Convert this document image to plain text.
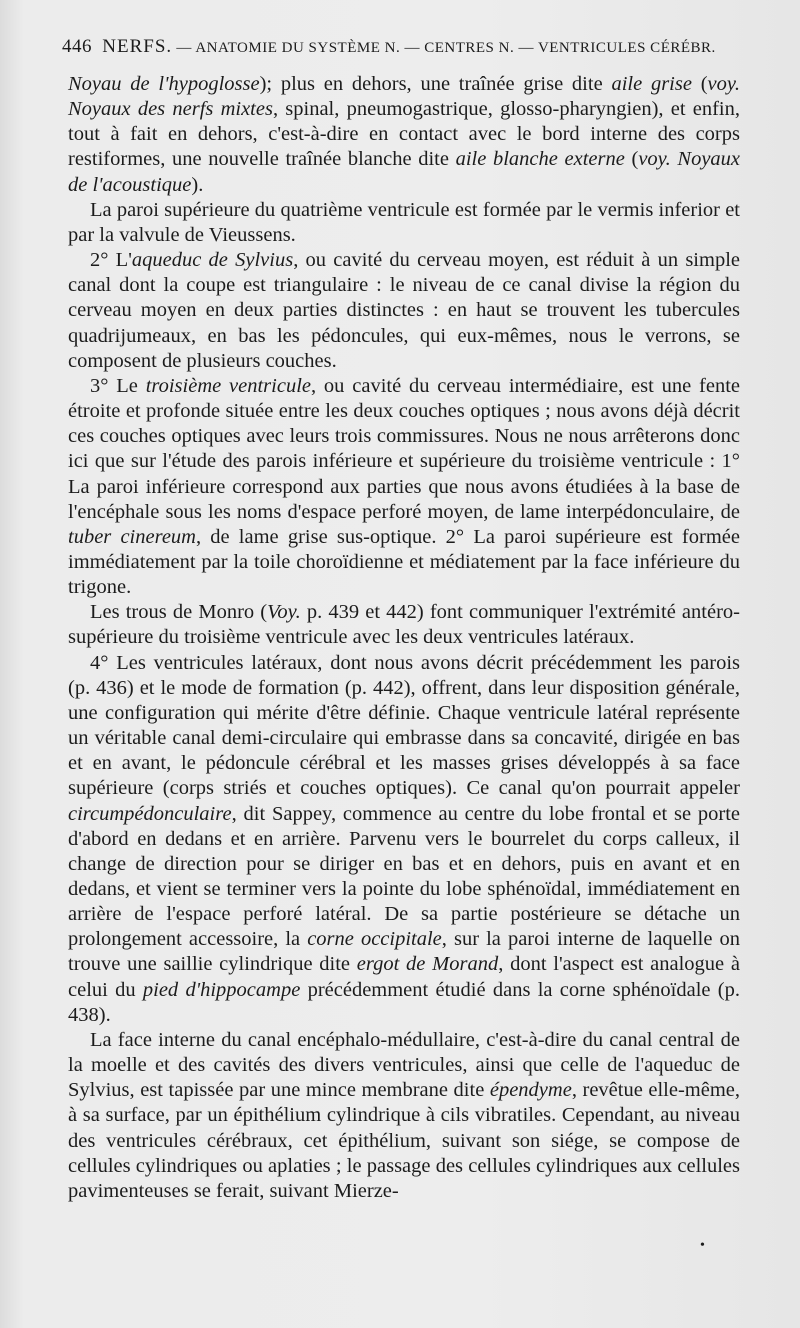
446 NERFS. — ANATOMIE DU SYSTÈME N. — CENTRES N. — VENTRICULES CÉRÉBR.

Noyau de l'hypoglosse); plus en dehors, une traînée grise dite aile grise (voy. Noyaux des nerfs mixtes, spinal, pneumogastrique, glosso-pharyngien), et enfin, tout à fait en dehors, c'est-à-dire en contact avec le bord interne des corps restiformes, une nouvelle traînée blanche dite aile blanche externe (voy. Noyaux de l'acoustique).

La paroi supérieure du quatrième ventricule est formée par le vermis inferior et par la valvule de Vieussens.

2° L'aqueduc de Sylvius, ou cavité du cerveau moyen, est réduit à un simple canal dont la coupe est triangulaire : le niveau de ce canal divise la région du cerveau moyen en deux parties distinctes : en haut se trouvent les tubercules quadrijumeaux, en bas les pédoncules, qui eux-mêmes, nous le verrons, se composent de plusieurs couches.

3° Le troisième ventricule, ou cavité du cerveau intermédiaire, est une fente étroite et profonde située entre les deux couches optiques ; nous avons déjà décrit ces couches optiques avec leurs trois commissures. Nous ne nous arrêterons donc ici que sur l'étude des parois inférieure et supérieure du troisième ventricule : 1° La paroi inférieure correspond aux parties que nous avons étudiées à la base de l'encéphale sous les noms d'espace perforé moyen, de lame interpédonculaire, de tuber cinereum, de lame grise sus-optique. 2° La paroi supérieure est formée immédiatement par la toile choroïdienne et médiatement par la face inférieure du trigone.

Les trous de Monro (Voy. p. 439 et 442) font communiquer l'extrémité antéro-supérieure du troisième ventricule avec les deux ventricules latéraux.

4° Les ventricules latéraux, dont nous avons décrit précédemment les parois (p. 436) et le mode de formation (p. 442), offrent, dans leur disposition générale, une configuration qui mérite d'être définie. Chaque ventricule latéral représente un véritable canal demi-circulaire qui embrasse dans sa concavité, dirigée en bas et en avant, le pédoncule cérébral et les masses grises développés à sa face supérieure (corps striés et couches optiques). Ce canal qu'on pourrait appeler circumpédonculaire, dit Sappey, commence au centre du lobe frontal et se porte d'abord en dedans et en arrière. Parvenu vers le bourrelet du corps calleux, il change de direction pour se diriger en bas et en dehors, puis en avant et en dedans, et vient se terminer vers la pointe du lobe sphénoïdal, immédiatement en arrière de l'espace perforé latéral. De sa partie postérieure se détache un prolongement accessoire, la corne occipitale, sur la paroi interne de laquelle on trouve une saillie cylindrique dite ergot de Morand, dont l'aspect est analogue à celui du pied d'hippocampe précédemment étudié dans la corne sphénoïdale (p. 438).

La face interne du canal encéphalo-médullaire, c'est-à-dire du canal central de la moelle et des cavités des divers ventricules, ainsi que celle de l'aqueduc de Sylvius, est tapissée par une mince membrane dite épendyme, revêtue elle-même, à sa surface, par un épithélium cylindrique à cils vibratiles. Cependant, au niveau des ventricules cérébraux, cet épithélium, suivant son siége, se compose de cellules cylindriques ou aplaties ; le passage des cellules cylindriques aux cellules pavimenteuses se ferait, suivant Mierze-

•
